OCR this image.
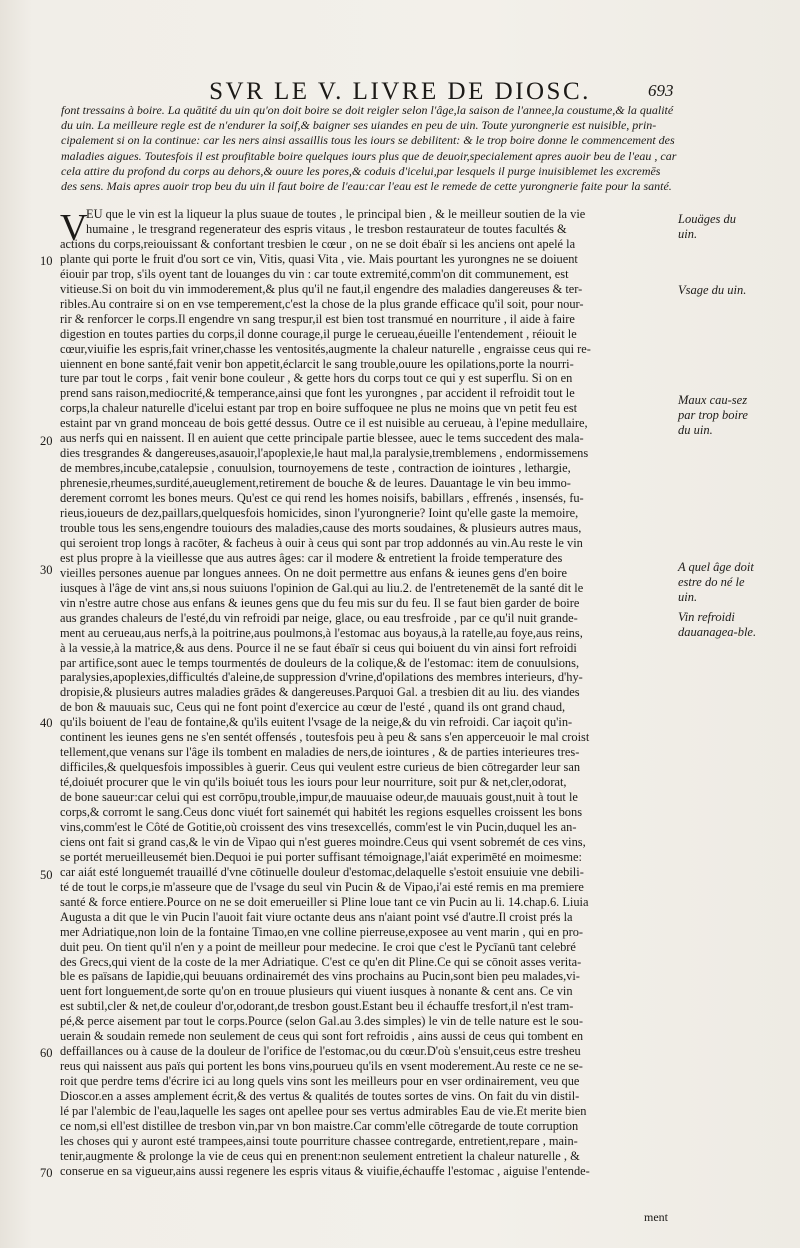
SVR LE V. LIVRE DE DIOSC.	693
font tressains à boire. La quātité du uin qu'on doit boire se doit reigler selon l'âge,la saison de l'annee,la coustume,& la qualité
du uin. La meilleure regle est de n'endurer la soif,& baigner ses uiandes en peu de uin. Toute yurongnerie est nuisible, prin-
cipalement si on la continue: car les ners ainsi assaillis tous les iours se debilitent: & le trop boire donne le commencement des
maladies aigues. Toutesfois il est proufitable boire quelques iours plus que de deuoir,specialement apres auoir beu de l'eau , car
cela attire du profond du corps au dehors,& ouure les pores,& coduis d'icelui,par lesquels il purge inuisiblemet les excremēs
des sens. Mais apres auoir trop beu du uin il faut boire de l'eau:car l'eau est le remede de cette yurongnerie faite pour la santé.
V
EU que le vin est la liqueur la plus suaue de toutes , le principal bien , & le meilleur soutien de la vie
humaine , le tresgrand regenerateur des espris vitaus , le tresbon restaurateur de toutes facultés &
actions du corps,reiouissant & confortant tresbien le cœur , on ne se doit ébaïr si les anciens ont apelé la
plante qui porte le fruit d'ou sort ce vin, Vitis, quasi Vita , vie. Mais pourtant les yurongnes ne se doiuent
éiouir par trop, s'ils oyent tant de louanges du vin : car toute extremité,comm'on dit communement, est
vitieuse.Si on boit du vin immoderement,& plus qu'il ne faut,il engendre des maladies dangereuses & ter-
ribles.Au contraire si on en vse temperement,c'est la chose de la plus grande efficace qu'il soit, pour nour-
rir & renforcer le corps.Il engendre vn sang trespur,il est bien tost transmué en nourriture , il aide à faire
digestion en toutes parties du corps,il donne courage,il purge le cerueau,éueille l'entendement , réiouit le
cœur,viuifie les espris,fait vriner,chasse les ventosités,augmente la chaleur naturelle , engraisse ceus qui re-
uiennent en bone santé,fait venir bon appetit,éclarcit le sang trouble,ouure les opilations,porte la nourri-
ture par tout le corps , fait venir bone couleur , & gette hors du corps tout ce qui y est superflu. Si on en
prend sans raison,mediocrité,& temperance,ainsi que font les yurongnes , par accident il refroidit tout le
corps,la chaleur naturelle d'icelui estant par trop en boire suffoquee ne plus ne moins que vn petit feu est
estaint par vn grand monceau de bois getté dessus. Outre ce il est nuisible au cerueau, à l'epine medullaire,
aus nerfs qui en naissent. Il en auient que cette principale partie blessee, auec le tems succedent des mala-
dies tresgrandes & dangereuses,asauoir,l'apoplexie,le haut mal,la paralysie,tremblemens , endormissemens
de membres,incube,catalepsie , conuulsion, tournoyemens de teste , contraction de iointures , lethargie,
phrenesie,rheumes,surdité,aueuglement,retirement de bouche & de leures. Dauantage le vin beu immo-
derement corromt les bones meurs. Qu'est ce qui rend les homes noisifs, babillars , effrenés , insensés, fu-
rieus,ioueurs de dez,paillars,quelquesfois homicides, sinon l'yurongnerie? Ioint qu'elle gaste la memoire,
trouble tous les sens,engendre touiours des maladies,cause des morts soudaines, & plusieurs autres maus,
qui seroient trop longs à racōter, & facheus à ouir à ceus qui sont par trop addonnés au vin.Au reste le vin
est plus propre à la vieillesse que aus autres âges: car il modere & entretient la froide temperature des
vieilles persones auenue par longues annees. On ne doit permettre aus enfans & ieunes gens d'en boire
iusques à l'âge de vint ans,si nous suiuons l'opinion de Gal.qui au liu.2. de l'entretenemēt de la santé dit le
vin n'estre autre chose aus enfans & ieunes gens que du feu mis sur du feu. Il se faut bien garder de boire
aus grandes chaleurs de l'esté,du vin refroidi par neige, glace, ou eau tresfroide , par ce qu'il nuit grande-
ment au cerueau,aus nerfs,à la poitrine,aus poulmons,à l'estomac aus boyaus,à la ratelle,au foye,aus reins,
à la vessie,à la matrice,& aus dens. Pource il ne se faut ébaïr si ceus qui boiuent du vin ainsi fort refroidi
par artifice,sont auec le temps tourmentés de douleurs de la colique,& de l'estomac: item de conuulsions,
paralysies,apoplexies,difficultés d'aleine,de suppression d'vrine,d'opilations des membres interieurs, d'hy-
dropisie,& plusieurs autres maladies grādes & dangereuses.Parquoi Gal. a tresbien dit au liu. des viandes
de bon & mauuais suc, Ceus qui ne font point d'exercice au cœur de l'esté , quand ils ont grand chaud,
qu'ils boiuent de l'eau de fontaine,& qu'ils euitent l'vsage de la neige,& du vin refroidi. Car iaçoit qu'in-
continent les ieunes gens ne s'en sentét offensés , toutesfois peu à peu & sans s'en apperceuoir le mal croist
tellement,que venans sur l'âge ils tombent en maladies de ners,de iointures , & de parties interieures tres-
difficiles,& quelquesfois impossibles à guerir. Ceus qui veulent estre curieus de bien cōtregarder leur san
té,doiuét procurer que le vin qu'ils boiuét tous les iours pour leur nourriture, soit pur & net,cler,odorat,
de bone saueur:car celui qui est corrōpu,trouble,impur,de mauuaise odeur,de mauuais goust,nuit à tout le
corps,& corromt le sang.Ceus donc viuét fort sainemét qui habitét les regions esquelles croissent les bons
vins,comm'est le Côté de Gotitie,où croissent des vins tresexcellés, comm'est le vin Pucin,duquel les an-
ciens ont fait si grand cas,& le vin de Vipao qui n'est gueres moindre.Ceus qui vsent sobremét de ces vins,
se portét merueilleusemét bien.Dequoi ie pui porter suffisant témoignage,l'aiát experimēté en moimesme:
car aiát esté longuemét trauaillé d'vne cōtinuelle douleur d'estomac,delaquelle s'estoit ensuiuie vne debili-
té de tout le corps,ie m'asseure que de l'vsage du seul vin Pucin & de Vipao,i'ai esté remis en ma premiere
santé & force entiere.Pource on ne se doit emerueiller si Pline loue tant ce vin Pucin au li. 14.chap.6. Liuia
Augusta a dit que le vin Pucin l'auoit fait viure octante deus ans n'aiant point vsé d'autre.Il croist prés la
mer Adriatique,non loin de la fontaine Timao,en vne colline pierreuse,exposee au vent marin , qui en pro-
duit peu. On tient qu'il n'en y a point de meilleur pour medecine. Ie croi que c'est le Pycīanū tant celebré
des Grecs,qui vient de la coste de la mer Adriatique. C'est ce qu'en dit Pline.Ce qui se cōnoit asses verita-
ble es païsans de Iapidie,qui beuuans ordinairemét des vins prochains au Pucin,sont bien peu malades,vi-
uent fort longuement,de sorte qu'on en trouue plusieurs qui viuent iusques à nonante & cent ans. Ce vin
est subtil,cler & net,de couleur d'or,odorant,de tresbon goust.Estant beu il échauffe tresfort,il n'est tram-
pé,& perce aisement par tout le corps.Pource (selon Gal.au 3.des simples) le vin de telle nature est le sou-
uerain & soudain remede non seulement de ceus qui sont fort refroidis , ains aussi de ceus qui tombent en
deffaillances ou à cause de la douleur de l'orifice de l'estomac,ou du cœur.D'où s'ensuit,ceus estre tresheu
reus qui naissent aus païs qui portent les bons vins,pourueu qu'ils en vsent moderement.Au reste ce ne se-
roit que perdre tems d'écrire ici au long quels vins sont les meilleurs pour en vser ordinairement, veu que
Dioscor.en a asses amplement écrit,& des vertus & qualités de toutes sortes de vins. On fait du vin distil-
lé par l'alembic de l'eau,laquelle les sages ont apellee pour ses vertus admirables Eau de vie.Et merite bien
ce nom,si ell'est distillee de tresbon vin,par vn bon maistre.Car comm'elle cōtregarde de toute corruption
les choses qui y auront esté trampees,ainsi toute pourriture chassee contregarde, entretient,repare , main-
tenir,augmente & prolonge la vie de ceus qui en prenent:non seulement entretient la chaleur naturelle , &
conserue en sa vigueur,ains aussi regenere les espris vitaus & viuifie,échauffe l'estomac , aiguise l'entende-
10
20
30
40
50
60
70
Louäges du uin.
Vsage du uin.
Maux cau-sez par trop boire du uin.
A quel âge doit estre do né le uin.
Vin refroidi dauanagea-ble.
ment
